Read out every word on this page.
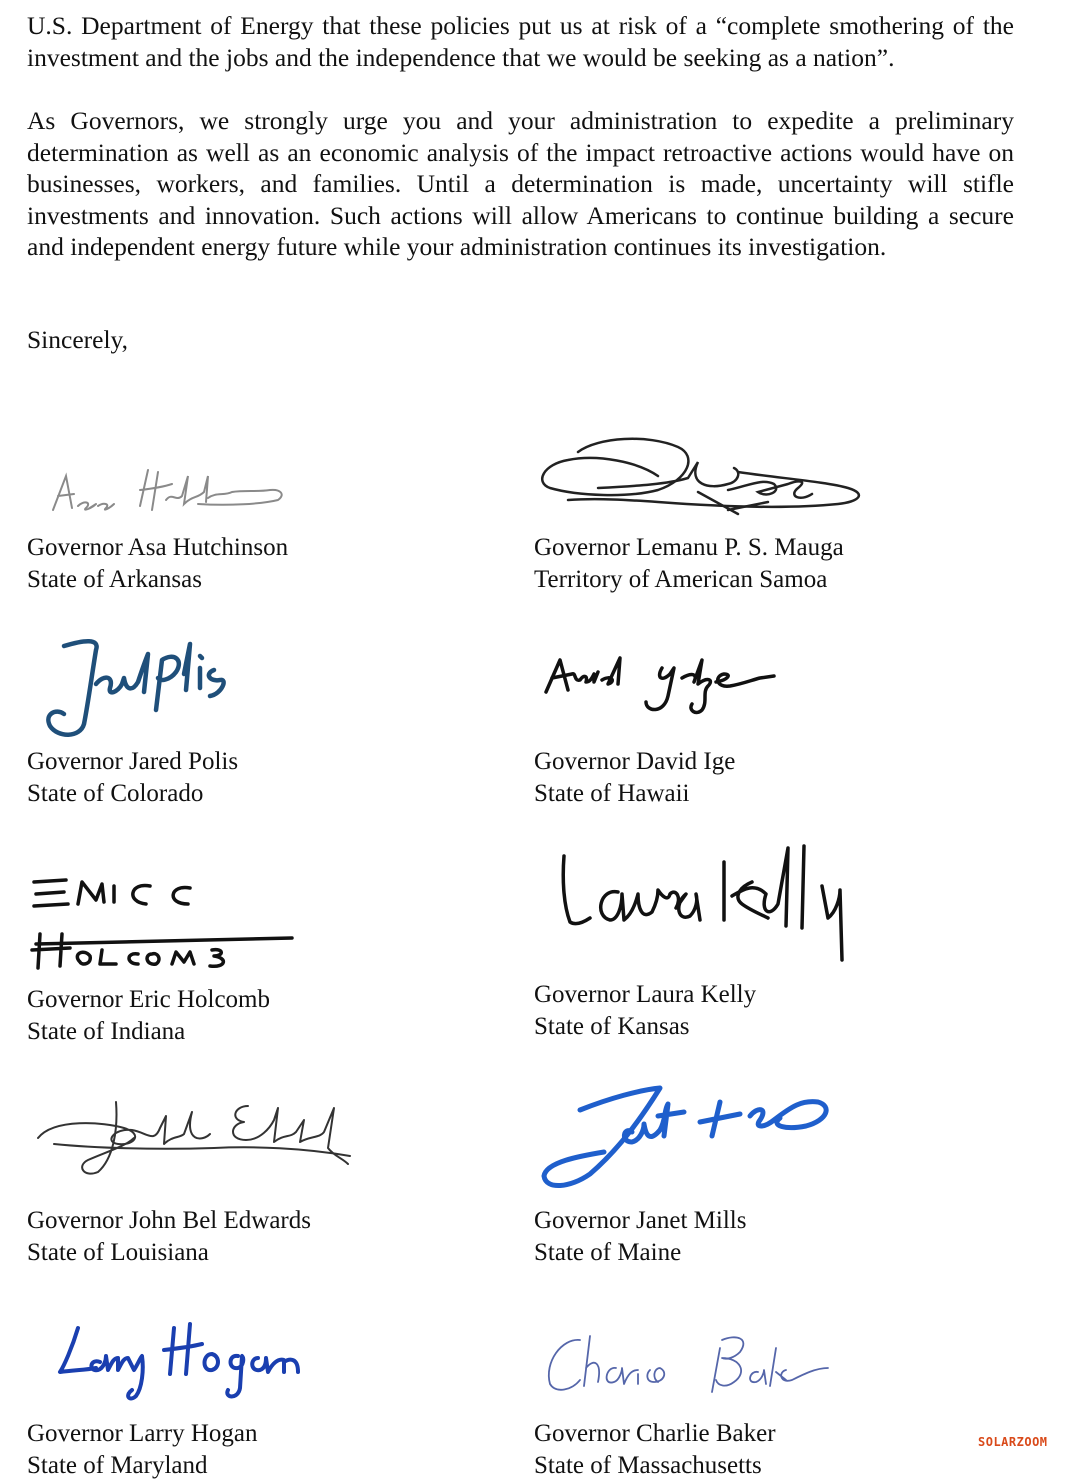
U.S. Department of Energy that these policies put us at risk of a “complete smothering of the investment and the jobs and the independence that we would be seeking as a nation”.

As Governors, we strongly urge you and your administration to expedite a preliminary determination as well as an economic analysis of the impact retroactive actions would have on businesses, workers, and families. Until a determination is made, uncertainty will stifle investments and innovation. Such actions will allow Americans to continue building a secure and independent energy future while your administration continues its investigation.

Sincerely,
Governor Asa Hutchinson
State of Arkansas
Governor Lemanu P. S. Mauga
Territory of American Samoa
Governor Jared Polis
State of Colorado
Governor David Ige
State of Hawaii
Governor Eric Holcomb
State of Indiana
Governor Laura Kelly
State of Kansas
Governor John Bel Edwards
State of Louisiana
Governor Janet Mills
State of Maine
Governor Larry Hogan
State of Maryland
Governor Charlie Baker
State of Massachusetts
SOLARZOOM
